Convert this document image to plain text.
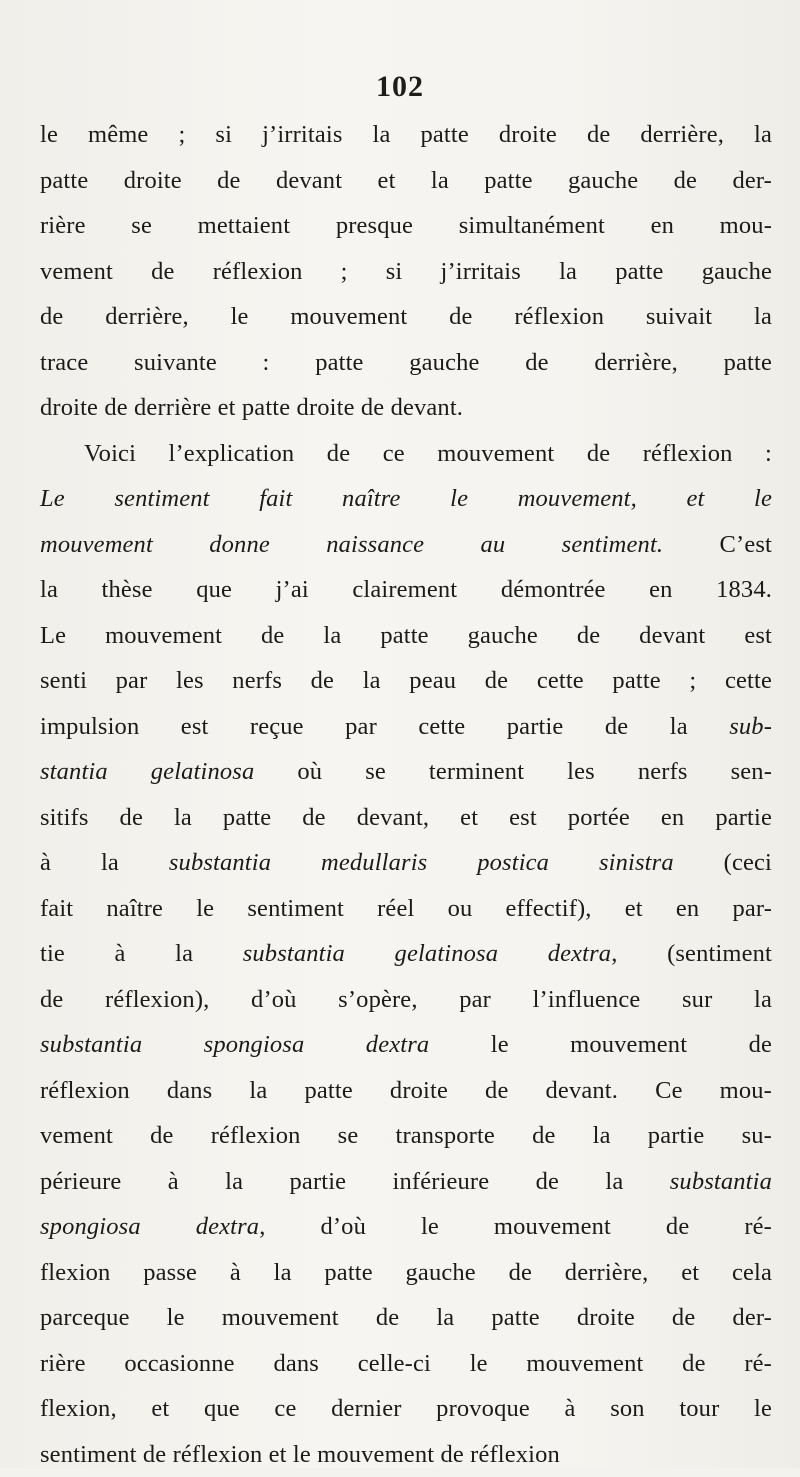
102
le même ; si j’irritais la patte droite de derrière, la
patte droite de devant et la patte gauche de der-
rière se mettaient presque simultanément en mou-
vement de réflexion ; si j’irritais la patte gauche
de derrière, le mouvement de réflexion suivait la
trace suivante : patte gauche de derrière, patte
droite de derrière et patte droite de devant.
Voici l’explication de ce mouvement de réflexion :
Le sentiment fait naître le mouvement, et le
mouvement donne naissance au sentiment. C’est
la thèse que j’ai clairement démontrée en 1834.
Le mouvement de la patte gauche de devant est
senti par les nerfs de la peau de cette patte ; cette
impulsion est reçue par cette partie de la sub-
stantia gelatinosa où se terminent les nerfs sen-
sitifs de la patte de devant, et est portée en partie
à la substantia medullaris postica sinistra (ceci
fait naître le sentiment réel ou effectif), et en par-
tie à la substantia gelatinosa dextra, (sentiment
de réflexion), d’où s’opère, par l’influence sur la
substantia spongiosa dextra le mouvement de
réflexion dans la patte droite de devant. Ce mou-
vement de réflexion se transporte de la partie su-
périeure à la partie inférieure de la substantia
spongiosa dextra, d’où le mouvement de ré-
flexion passe à la patte gauche de derrière, et cela
parceque le mouvement de la patte droite de der-
rière occasionne dans celle-ci le mouvement de ré-
flexion, et que ce dernier provoque à son tour le
sentiment de réflexion et le mouvement de réflexion
